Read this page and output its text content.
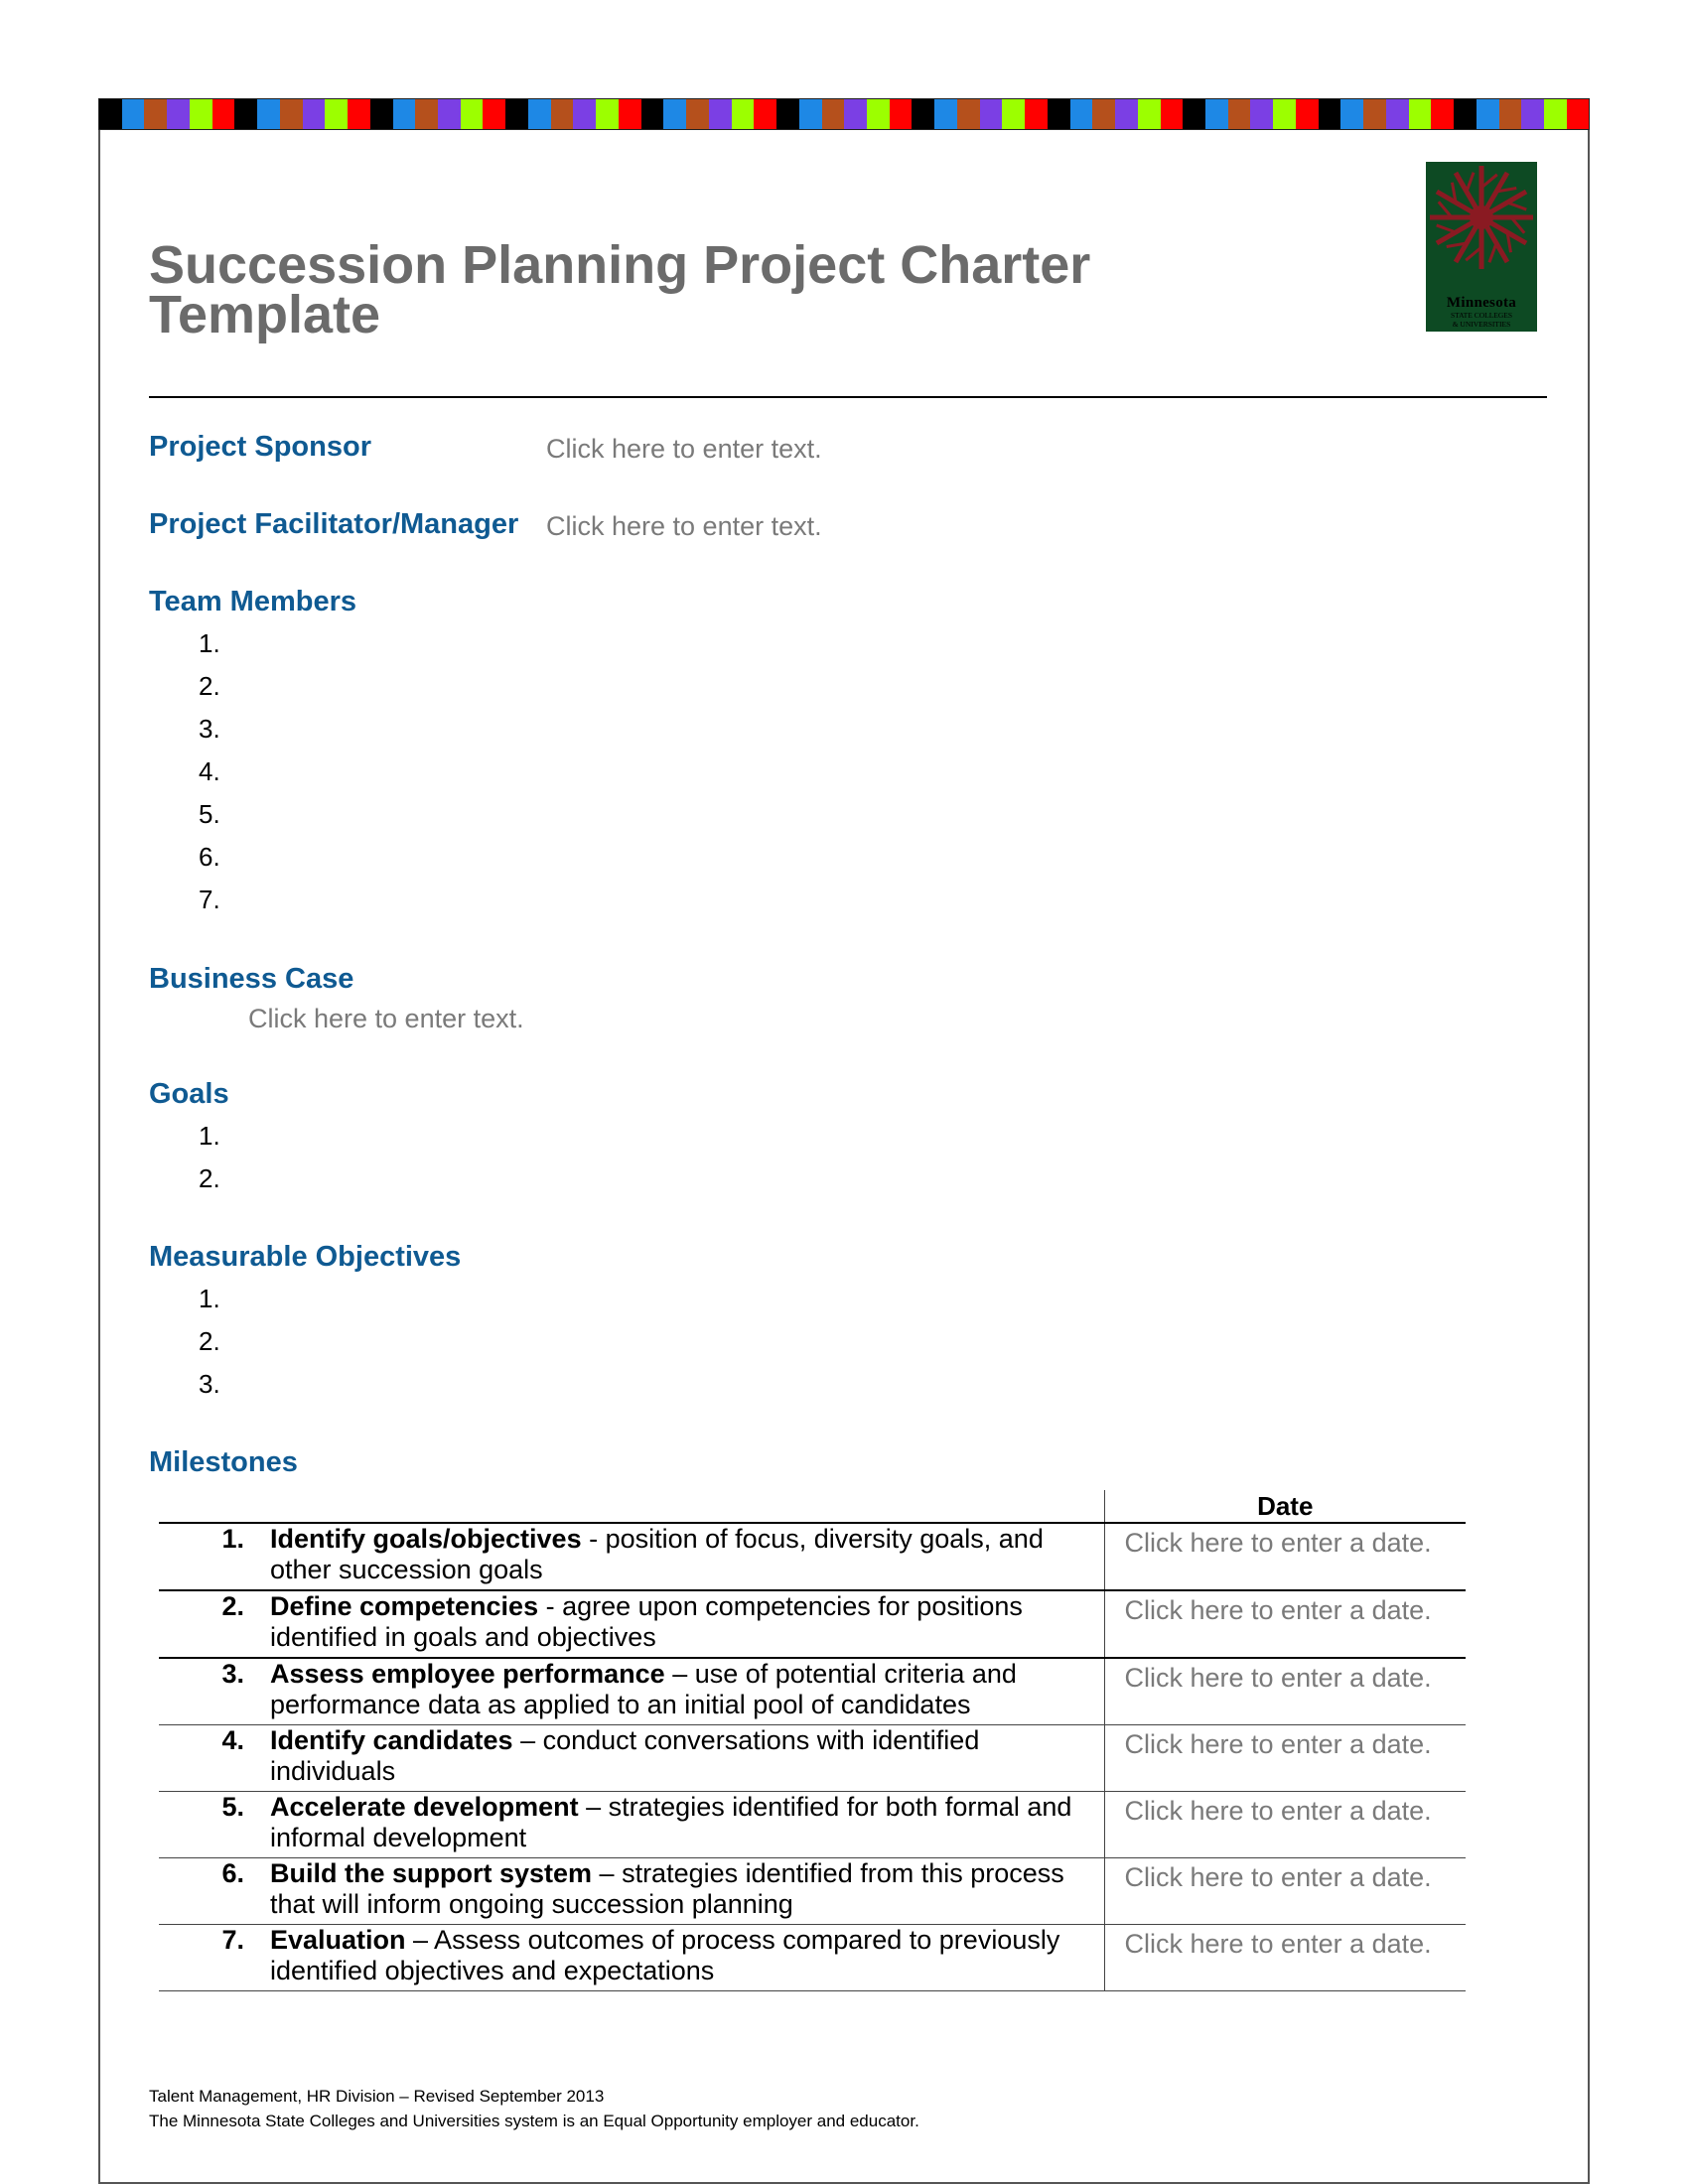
Succession Planning Project Charter
Template	Minnesota
STATE COLLEGES
& UNIVERSITIES
Project Sponsor	Click here to enter text.
Project Facilitator/Manager Click here to enter text.
Team Members
1.
2.
3.
4.
5.
6.
7.
Business Case
Click here to enter text.
Goals
1.
2.
Measurable Objectives
1.
2.
3.
Milestones
		Date
1.	Identify goals/objectives - position of focus, diversity goals, and other succession goals	Click here to enter a date.
2.	Define competencies - agree upon competencies for positions identified in goals and objectives	Click here to enter a date.
3.	Assess employee performance – use of potential criteria and performance data as applied to an initial pool of candidates	Click here to enter a date.
4.	Identify candidates – conduct conversations with identified individuals	Click here to enter a date.
5.	Accelerate development – strategies identified for both formal and informal development	Click here to enter a date.
6.	Build the support system – strategies identified from this process that will inform ongoing succession planning	Click here to enter a date.
7.	Evaluation – Assess outcomes of process compared to previously identified objectives and expectations	Click here to enter a date.
Talent Management, HR Division – Revised September 2013
The Minnesota State Colleges and Universities system is an Equal Opportunity employer and educator.
